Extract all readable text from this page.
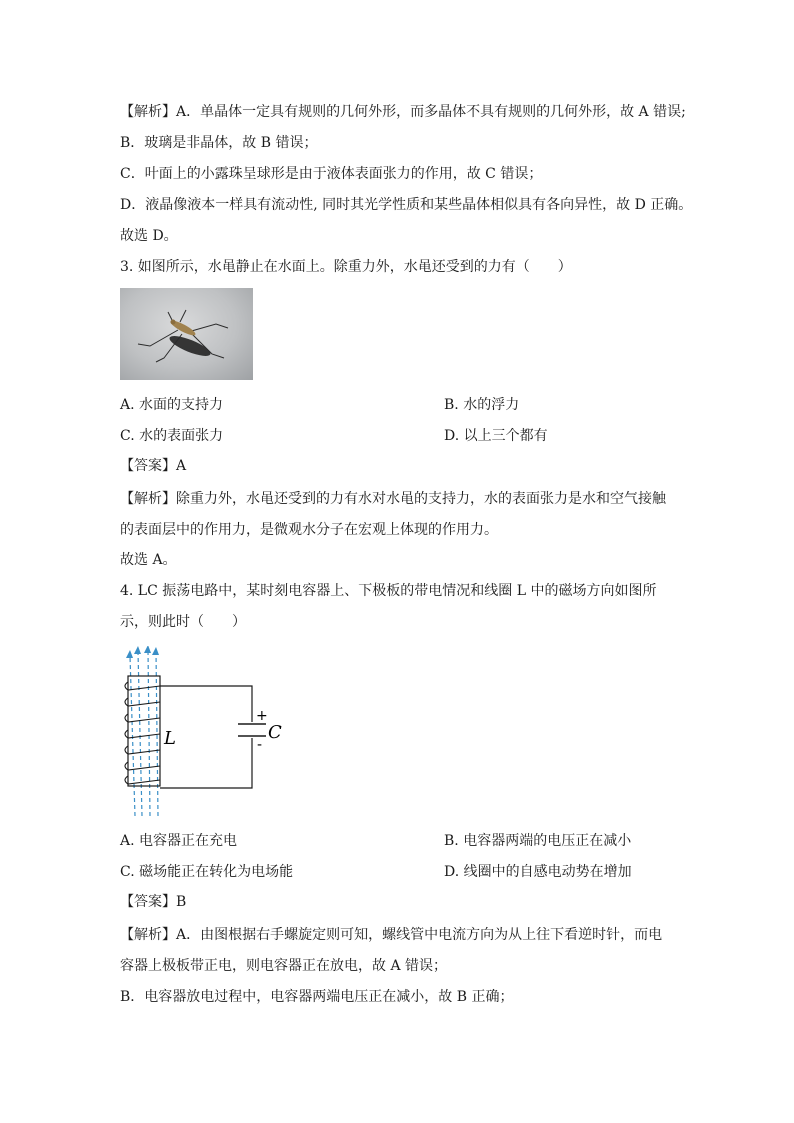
【解析】A．单晶体一定具有规则的几何外形，而多晶体不具有规则的几何外形，故 A 错误;
B．玻璃是非晶体，故 B 错误；
C．叶面上的小露珠呈球形是由于液体表面张力的作用，故 C 错误；
D．液晶像液本一样具有流动性, 同时其光学性质和某些晶体相似具有各向异性，故 D 正确。
故选 D。
3. 如图所示，水黾静止在水面上。除重力外，水黾还受到的力有（　　）
A. 水面的支持力	B. 水的浮力
C. 水的表面张力	D. 以上三个都有
【答案】A
【解析】除重力外，水黾还受到的力有水对水黾的支持力，水的表面张力是水和空气接触
的表面层中的作用力，是微观水分子在宏观上体现的作用力。
故选 A。
4. LC 振荡电路中，某时刻电容器上、下极板的带电情况和线圈 L 中的磁场方向如图所
示，则此时（　　）
+
-
C
L
A. 电容器正在充电	B. 电容器两端的电压正在减小
C. 磁场能正在转化为电场能	D. 线圈中的自感电动势在增加
【答案】B
【解析】A．由图根据右手螺旋定则可知，螺线管中电流方向为从上往下看逆时针，而电
容器上极板带正电，则电容器正在放电，故 A 错误；
B．电容器放电过程中，电容器两端电压正在减小，故 B 正确；
